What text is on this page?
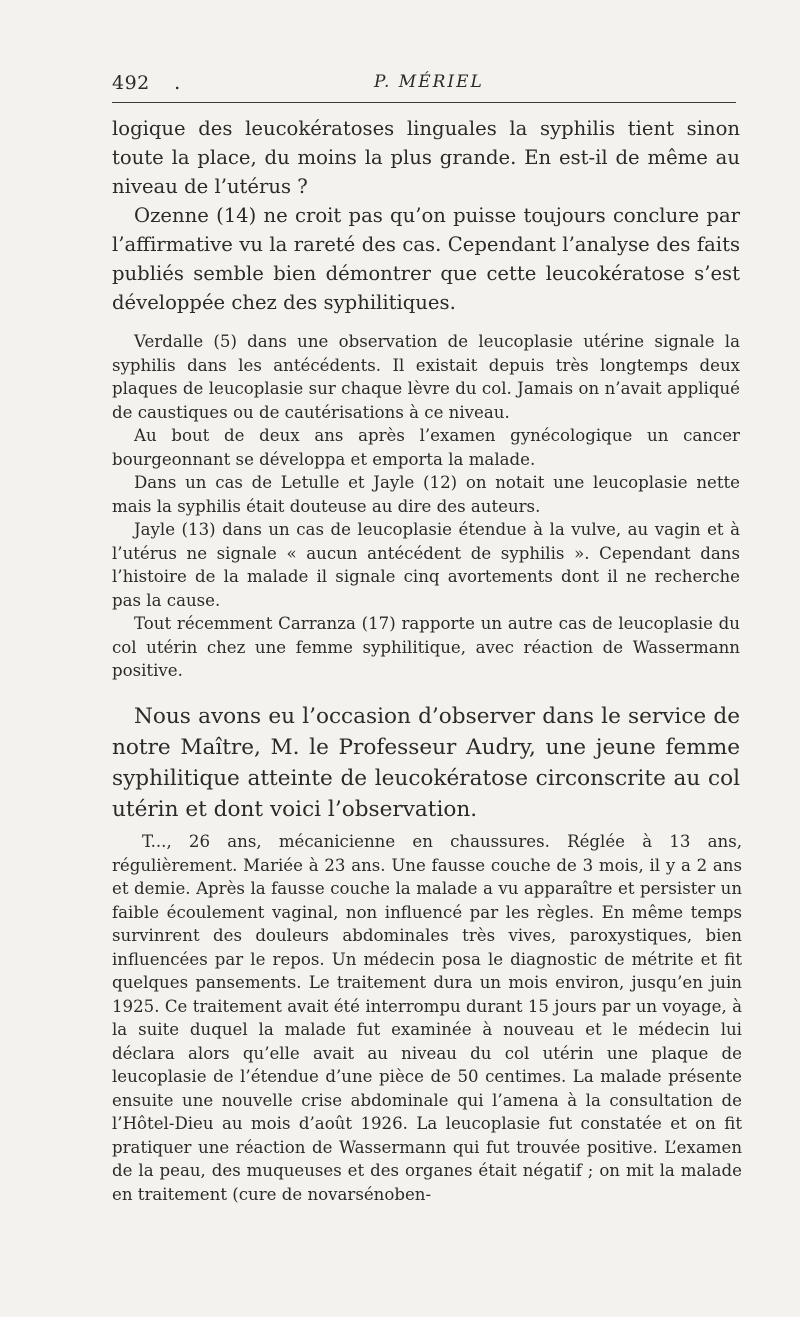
492 .	P. MÉRIEL

logique des leucokératoses linguales la syphilis tient sinon toute la place, du moins la plus grande. En est-il de même au niveau de l’utérus ?

Ozenne (14) ne croit pas qu’on puisse toujours conclure par l’affirmative vu la rareté des cas. Cependant l’analyse des faits publiés semble bien démontrer que cette leucokératose s’est développée chez des syphilitiques.

Verdalle (5) dans une observation de leucoplasie utérine signale la syphilis dans les antécédents. Il existait depuis très longtemps deux plaques de leucoplasie sur chaque lèvre du col. Jamais on n’avait appliqué de caustiques ou de cautérisations à ce niveau.

Au bout de deux ans après l’examen gynécologique un cancer bourgeonnant se développa et emporta la malade.

Dans un cas de Letulle et Jayle (12) on notait une leucoplasie nette mais la syphilis était douteuse au dire des auteurs.

Jayle (13) dans un cas de leucoplasie étendue à la vulve, au vagin et à l’utérus ne signale « aucun antécédent de syphilis ». Cependant dans l’histoire de la malade il signale cinq avortements dont il ne recherche pas la cause.

Tout récemment Carranza (17) rapporte un autre cas de leucoplasie du col utérin chez une femme syphilitique, avec réaction de Wassermann positive.

Nous avons eu l’occasion d’observer dans le service de notre Maître, M. le Professeur Audry, une jeune femme syphilitique atteinte de leucokératose circonscrite au col utérin et dont voici l’observation.

T..., 26 ans, mécanicienne en chaussures. Réglée à 13 ans, régulièrement. Mariée à 23 ans. Une fausse couche de 3 mois, il y a 2 ans et demie. Après la fausse couche la malade a vu apparaître et persister un faible écoulement vaginal, non influencé par les règles. En même temps survinrent des douleurs abdominales très vives, paroxystiques, bien influencées par le repos. Un médecin posa le diagnostic de métrite et fit quelques pansements. Le traitement dura un mois environ, jusqu’en juin 1925. Ce traitement avait été interrompu durant 15 jours par un voyage, à la suite duquel la malade fut examinée à nouveau et le médecin lui déclara alors qu’elle avait au niveau du col utérin une plaque de leucoplasie de l’étendue d’une pièce de 50 centimes. La malade présente ensuite une nouvelle crise abdominale qui l’amena à la consultation de l’Hôtel-Dieu au mois d’août 1926. La leucoplasie fut constatée et on fit pratiquer une réaction de Wassermann qui fut trouvée positive. L’examen de la peau, des muqueuses et des organes était négatif ; on mit la malade en traitement (cure de novarsénoben-
